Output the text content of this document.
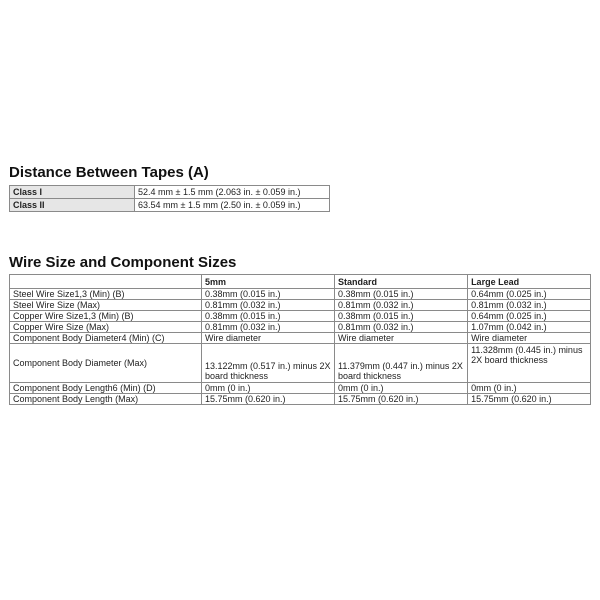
Distance Between Tapes (A)
Class I	52.4 mm ± 1.5 mm (2.063 in. ± 0.059 in.)
Class II	63.54 mm ± 1.5 mm (2.50 in. ± 0.059 in.)
Wire Size and Component Sizes
	5mm	Standard	Large Lead
Steel Wire Size1,3 (Min) (B)	0.38mm (0.015 in.)	0.38mm (0.015 in.)	0.64mm (0.025 in.)
Steel Wire Size (Max)	0.81mm (0.032 in.)	0.81mm (0.032 in.)	0.81mm (0.032 in.)
Copper Wire Size1,3 (Min) (B)	0.38mm (0.015 in.)	0.38mm (0.015 in.)	0.64mm (0.025 in.)
Copper Wire Size (Max)	0.81mm (0.032 in.)	0.81mm (0.032 in.)	1.07mm (0.042 in.)
Component Body Diameter4 (Min) (C)	Wire diameter	Wire diameter	Wire diameter
Component Body Diameter (Max)	13.122mm (0.517 in.) minus 2X board thickness	11.379mm (0.447 in.) minus 2X board thickness	11.328mm (0.445 in.) minus 2X board thickness
Component Body Length6 (Min) (D)	0mm (0 in.)	0mm (0 in.)	0mm (0 in.)
Component Body Length (Max)	15.75mm (0.620 in.)	15.75mm (0.620 in.)	15.75mm (0.620 in.)
